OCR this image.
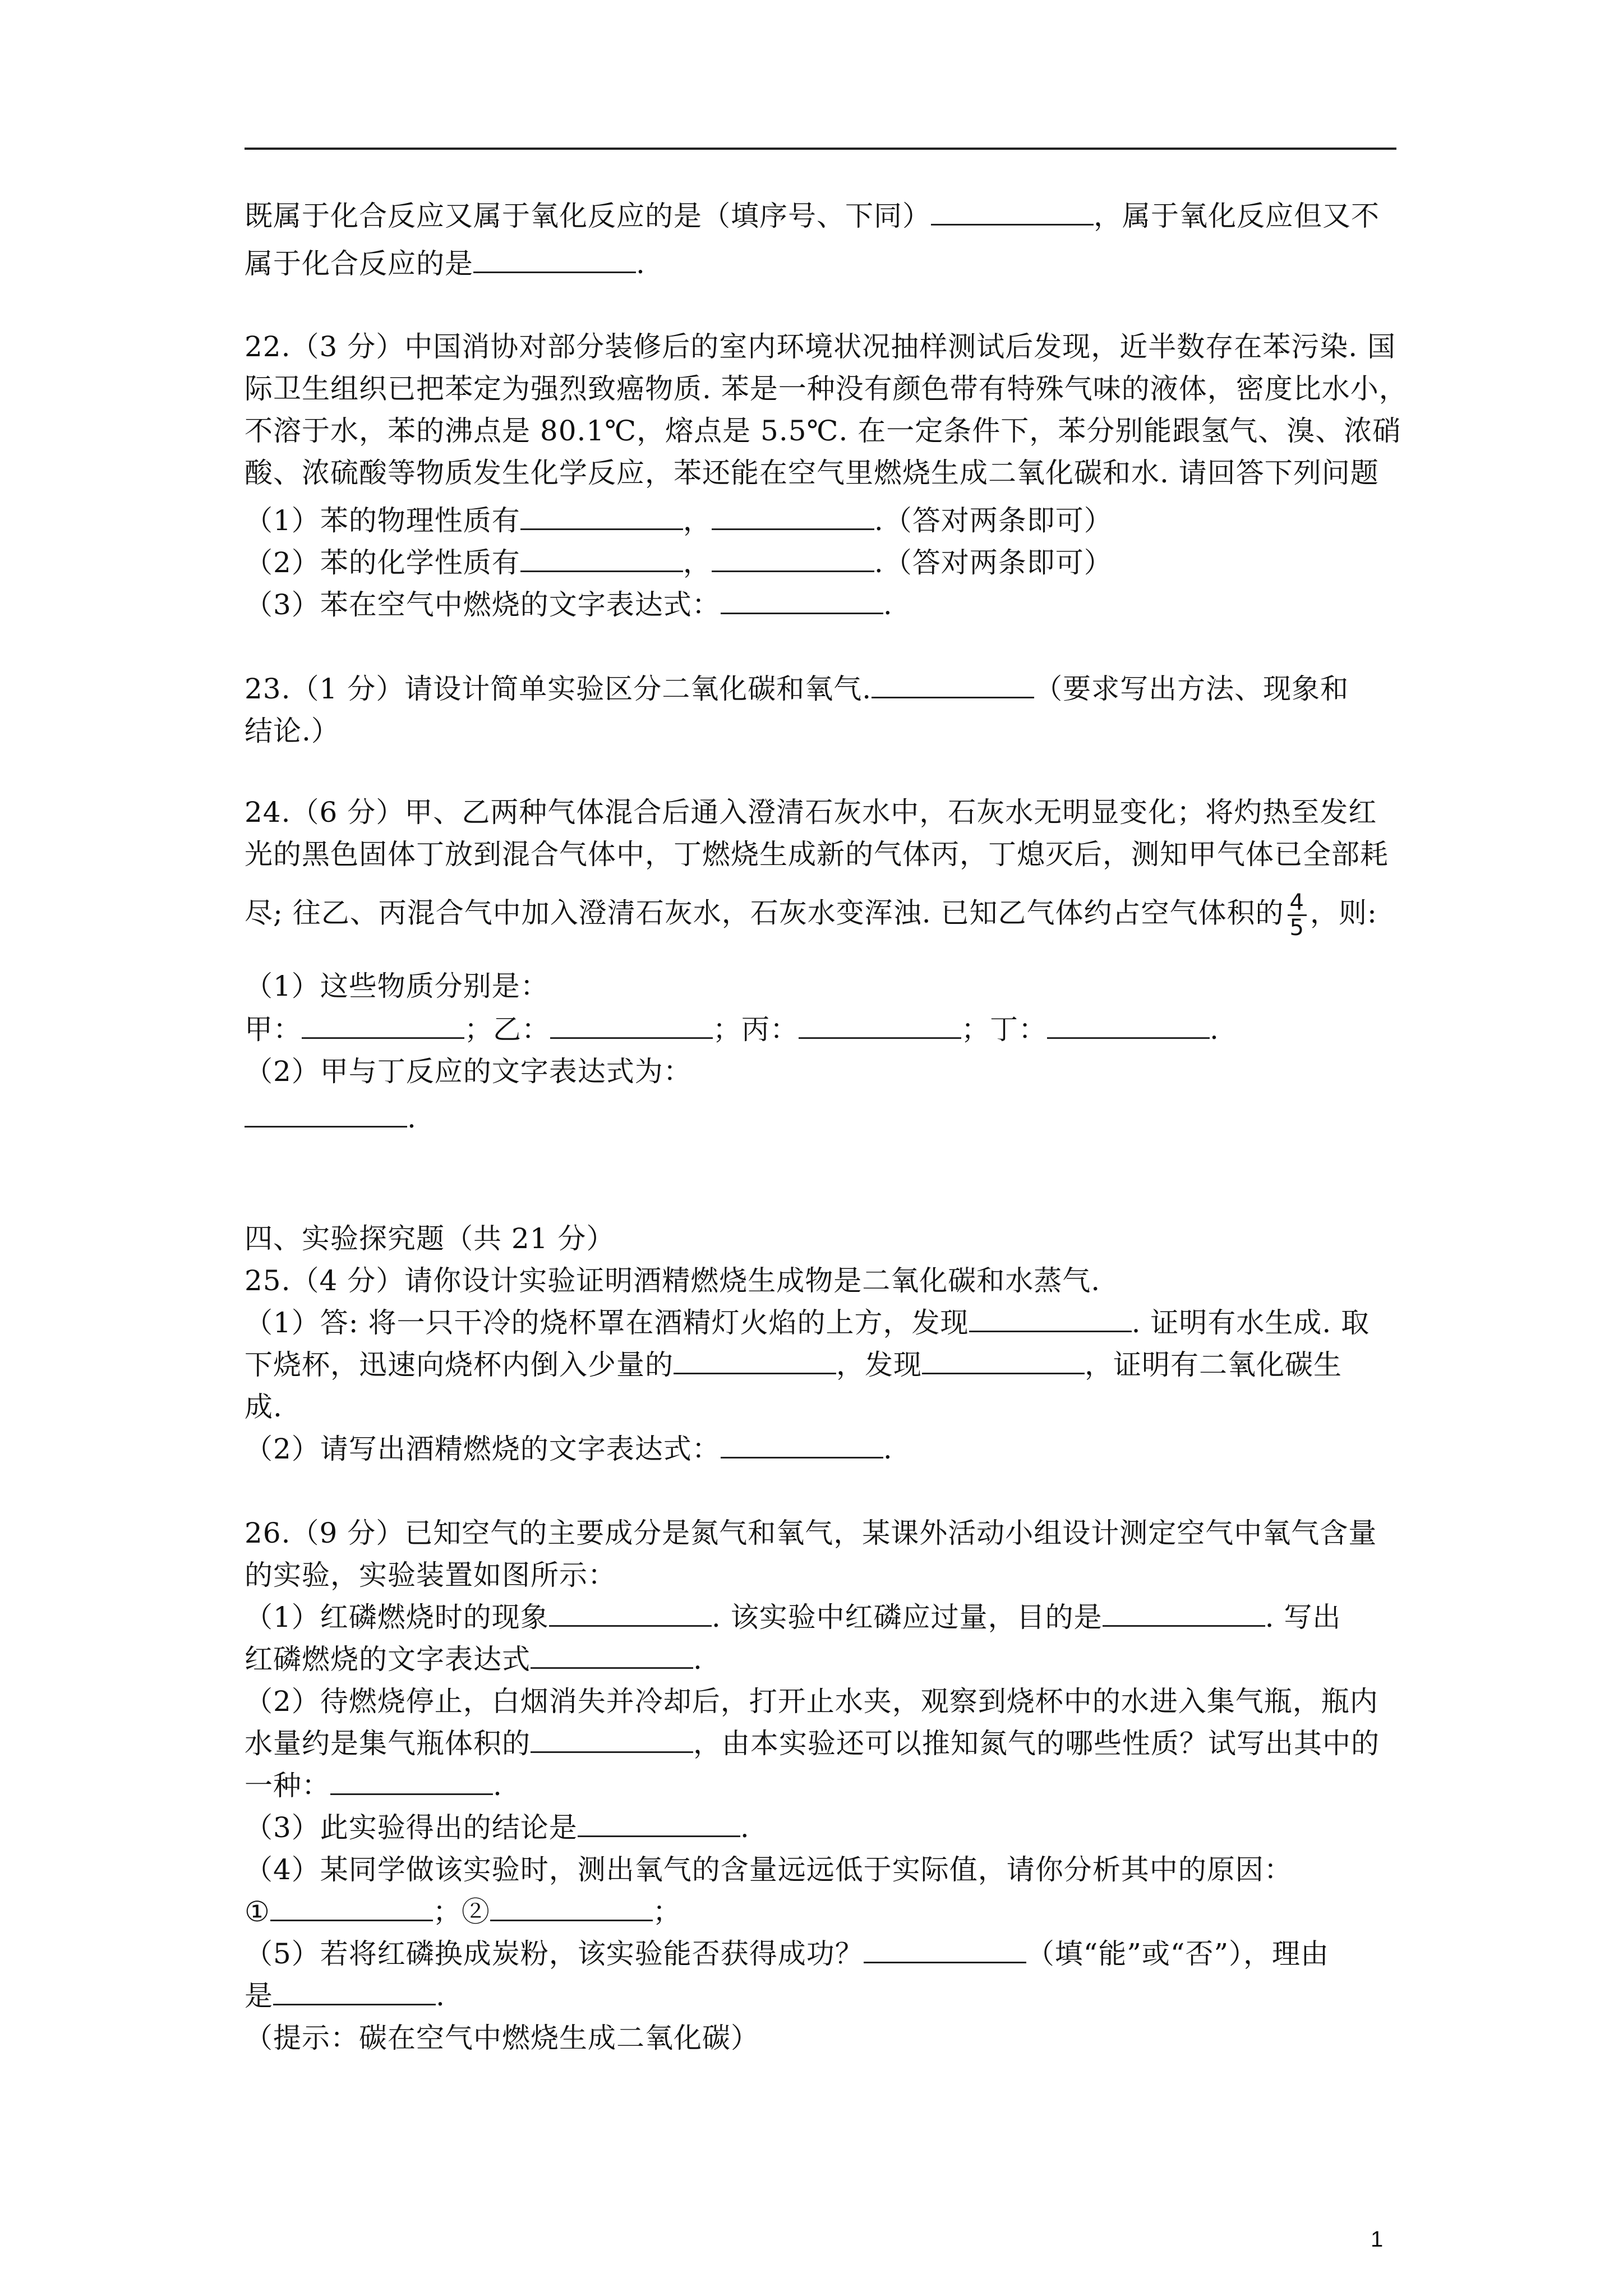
既属于化合反应又属于氧化反应的是（填序号、下同）	，属于氧化反应但又不
属于化合反应的是	.
22.（3 分）中国消协对部分装修后的室内环境状况抽样测试后发现，近半数存在苯污染. 国
际卫生组织已把苯定为强烈致癌物质. 苯是一种没有颜色带有特殊气味的液体，密度比水小，
不溶于水，苯的沸点是 80.1℃，熔点是 5.5℃. 在一定条件下，苯分别能跟氢气、溴、浓硝
酸、浓硫酸等物质发生化学反应，苯还能在空气里燃烧生成二氧化碳和水. 请回答下列问题
（1）苯的物理性质有	，	.（答对两条即可）
（2）苯的化学性质有	，	.（答对两条即可）
（3）苯在空气中燃烧的文字表达式：	.
23.（1 分）请设计简单实验区分二氧化碳和氧气.	（要求写出方法、现象和
结论.）
24.（6 分）甲、乙两种气体混合后通入澄清石灰水中，石灰水无明显变化；将灼热至发红
光的黑色固体丁放到混合气体中，丁燃烧生成新的气体丙，丁熄灭后，测知甲气体已全部耗
尽; 往乙、丙混合气中加入澄清石灰水，石灰水变浑浊. 已知乙气体约占空气体积的 $\frac{4}{5}$ ，则:
（1）这些物质分别是：
甲：	；乙：	；丙：	；丁：	.
（2）甲与丁反应的文字表达式为：
.
四、实验探究题（共 21 分）
25.（4 分）请你设计实验证明酒精燃烧生成物是二氧化碳和水蒸气.
（1）答: 将一只干冷的烧杯罩在酒精灯火焰的上方，发现	. 证明有水生成. 取
下烧杯，迅速向烧杯内倒入少量的	，发现	，证明有二氧化碳生
成.
（2）请写出酒精燃烧的文字表达式：	.
26.（9 分）已知空气的主要成分是氮气和氧气，某课外活动小组设计测定空气中氧气含量
的实验，实验装置如图所示：
（1）红磷燃烧时的现象	. 该实验中红磷应过量，目的是	. 写出
红磷燃烧的文字表达式	.
（2）待燃烧停止，白烟消失并冷却后，打开止水夹，观察到烧杯中的水进入集气瓶，瓶内
水量约是集气瓶体积的	，由本实验还可以推知氮气的哪些性质？试写出其中的
一种：	.
（3）此实验得出的结论是	.
（4）某同学做该实验时，测出氧气的含量远远低于实际值，请你分析其中的原因：
①	；②	；
（5）若将红磷换成炭粉，该实验能否获得成功？	（填“能”或“否”），理由
是	.
（提示：碳在空气中燃烧生成二氧化碳）
1
